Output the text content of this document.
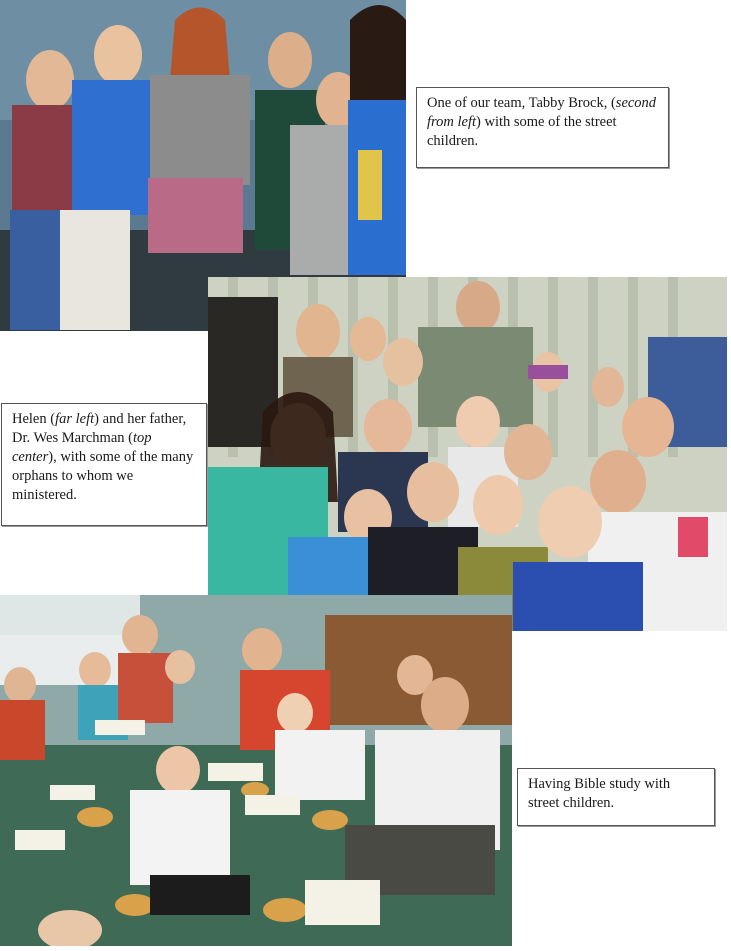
One of our team, Tabby Brock, (second from left) with some of the street children.
Helen (far left) and her father, Dr. Wes Marchman (top center), with some of the many orphans to whom we ministered.
Having Bible study with street children.
